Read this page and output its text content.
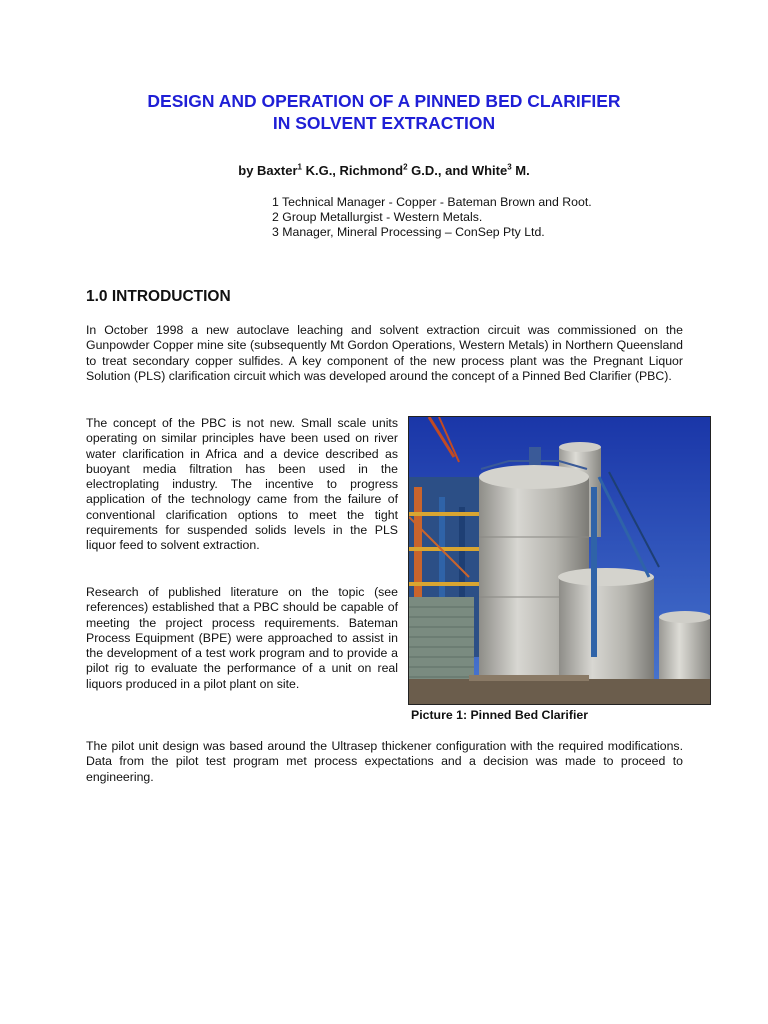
DESIGN AND OPERATION OF A PINNED BED CLARIFIER
IN SOLVENT EXTRACTION
by Baxter$^1$ K.G., Richmond$^2$ G.D., and White$^3$ M.
1 Technical Manager - Copper - Bateman Brown and Root.
2 Group Metallurgist - Western Metals.
3 Manager, Mineral Processing – ConSep Pty Ltd.
1.0 INTRODUCTION

In October 1998 a new autoclave leaching and solvent extraction circuit was commissioned on the Gunpowder Copper mine site (subsequently Mt Gordon Operations, Western Metals) in Northern Queensland to treat secondary copper sulfides. A key component of the new process plant was the Pregnant Liquor Solution (PLS) clarification circuit which was developed around the concept of a Pinned Bed Clarifier (PBC).

The concept of the PBC is not new. Small scale units operating on similar principles have been used on river water clarification in Africa and a device described as buoyant media filtration has been used in the electroplating industry. The incentive to progress application of the technology came from the failure of conventional clarification options to meet the tight requirements for suspended solids levels in the PLS liquor feed to solvent extraction.

Research of published literature on the topic (see references) established that a PBC should be capable of meeting the project process requirements. Bateman Process Equipment (BPE) were approached to assist in the development of a test work program and to provide a pilot rig to evaluate the performance of a unit on real liquors produced in a pilot plant on site.

Picture 1: Pinned Bed Clarifier

The pilot unit design was based around the Ultrasep thickener configuration with the required modifications. Data from the pilot test program met process expectations and a decision was made to proceed to engineering.
